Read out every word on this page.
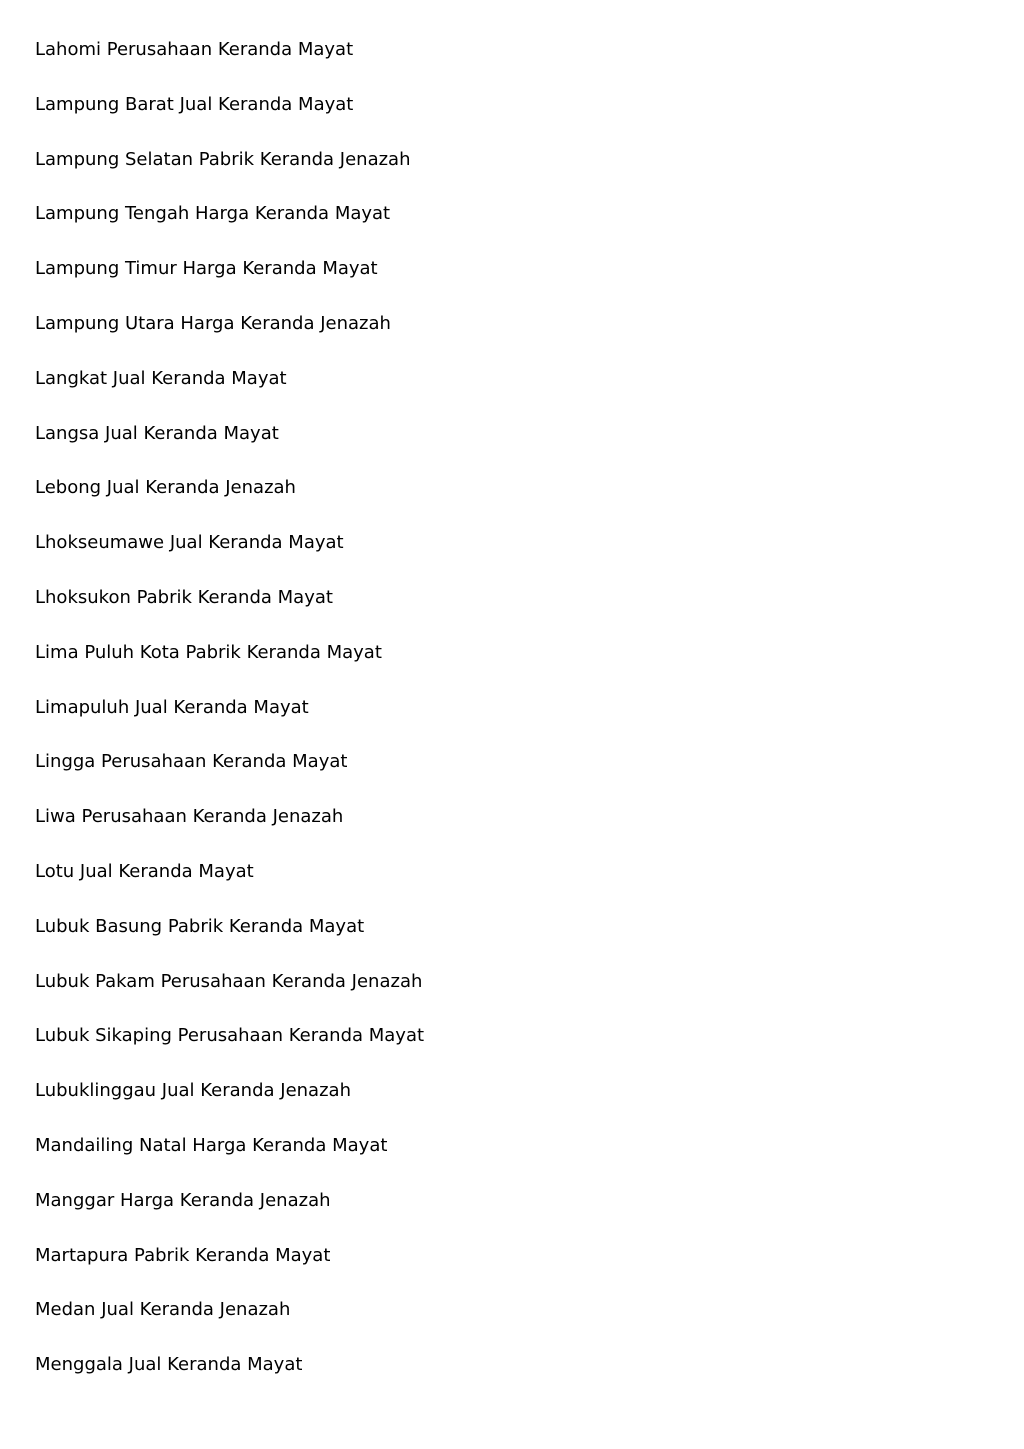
Lahomi Perusahaan Keranda Mayat
Lampung Barat Jual Keranda Mayat
Lampung Selatan Pabrik Keranda Jenazah
Lampung Tengah Harga Keranda Mayat
Lampung Timur Harga Keranda Mayat
Lampung Utara Harga Keranda Jenazah
Langkat Jual Keranda Mayat
Langsa Jual Keranda Mayat
Lebong Jual Keranda Jenazah
Lhokseumawe Jual Keranda Mayat
Lhoksukon Pabrik Keranda Mayat
Lima Puluh Kota Pabrik Keranda Mayat
Limapuluh Jual Keranda Mayat
Lingga Perusahaan Keranda Mayat
Liwa Perusahaan Keranda Jenazah
Lotu Jual Keranda Mayat
Lubuk Basung Pabrik Keranda Mayat
Lubuk Pakam Perusahaan Keranda Jenazah
Lubuk Sikaping Perusahaan Keranda Mayat
Lubuklinggau Jual Keranda Jenazah
Mandailing Natal Harga Keranda Mayat
Manggar Harga Keranda Jenazah
Martapura Pabrik Keranda Mayat
Medan Jual Keranda Jenazah
Menggala Jual Keranda Mayat
